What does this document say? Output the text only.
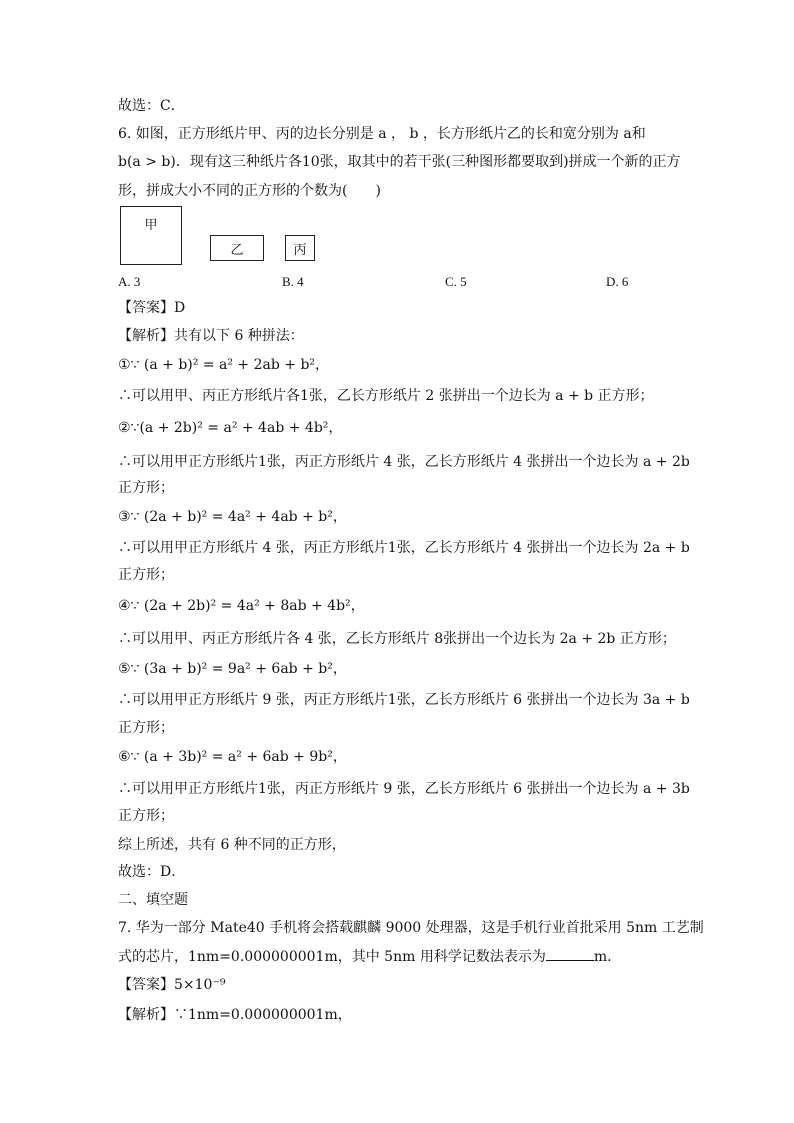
故选：C．
6. 如图，正方形纸片甲、丙的边长分别是 a ， b ，长方形纸片乙的长和宽分别为 a和
b(a > b)．现有这三种纸片各10张，取其中的若干张(三种图形都要取到)拼成一个新的正方
形，拼成大小不同的正方形的个数为(　　)
甲
乙	丙
A. 3	B. 4	C. 5	D. 6
【答案】D
【解析】共有以下 6 种拼法：
①∵ (a + b)² = a² + 2ab + b²，
∴可以用甲、丙正方形纸片各1张，乙长方形纸片 2 张拼出一个边长为 a + b 正方形；
②∵(a + 2b)² = a² + 4ab + 4b²，
∴可以用甲正方形纸片1张，丙正方形纸片 4 张，乙长方形纸片 4 张拼出一个边长为 a + 2b
正方形；
③∵ (2a + b)² = 4a² + 4ab + b²，
∴可以用甲正方形纸片 4 张，丙正方形纸片1张，乙长方形纸片 4 张拼出一个边长为 2a + b
正方形；
④∵ (2a + 2b)² = 4a² + 8ab + 4b²，
∴可以用甲、丙正方形纸片各 4 张，乙长方形纸片 8张拼出一个边长为 2a + 2b 正方形；
⑤∵ (3a + b)² = 9a² + 6ab + b²，
∴可以用甲正方形纸片 9 张，丙正方形纸片1张，乙长方形纸片 6 张拼出一个边长为 3a + b
正方形；
⑥∵ (a + 3b)² = a² + 6ab + 9b²，
∴可以用甲正方形纸片1张，丙正方形纸片 9 张，乙长方形纸片 6 张拼出一个边长为 a + 3b
正方形；
综上所述，共有 6 种不同的正方形，
故选：D．
二、填空题
7. 华为一部分 Mate40 手机将会搭载麒麟 9000 处理器，这是手机行业首批采用 5nm 工艺制
式的芯片，1nm=0.000000001m，其中 5nm 用科学记数法表示为	m．
【答案】5×10⁻⁹
【解析】∵1nm=0.000000001m，
